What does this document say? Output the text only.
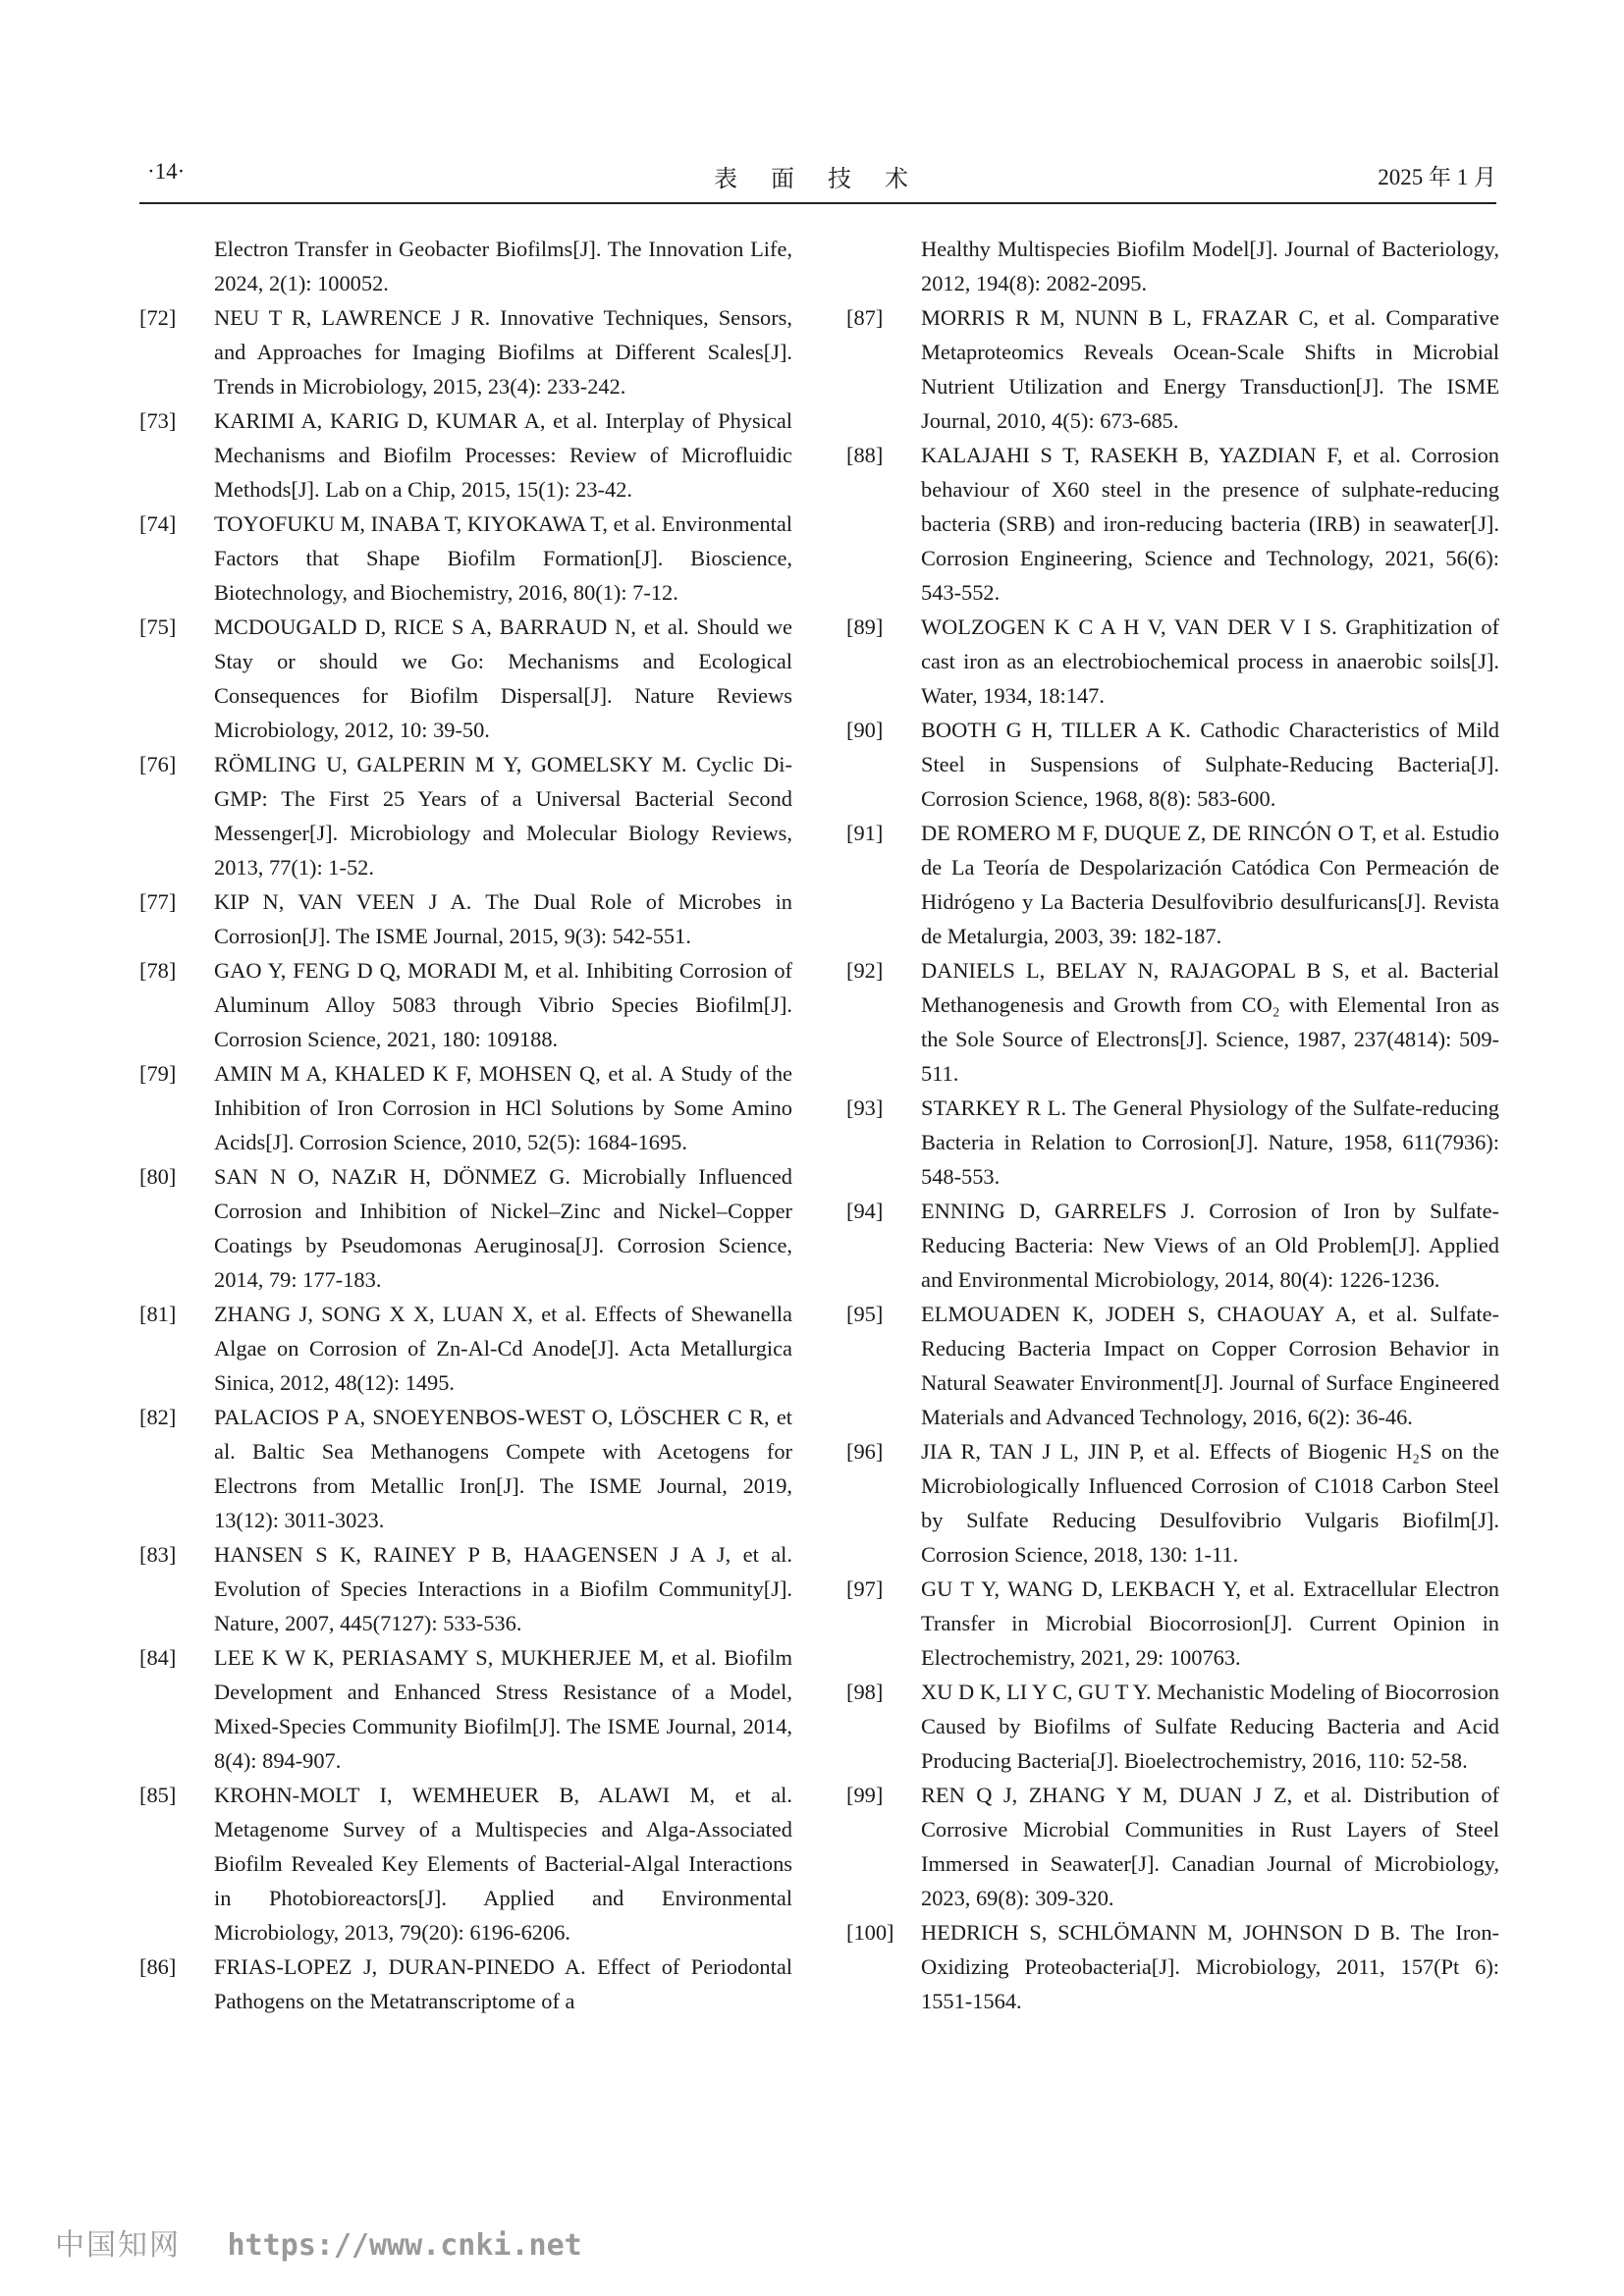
·14·	表 面 技 术	2025 年 1 月
Electron Transfer in Geobacter Biofilms[J]. The Innovation Life, 2024, 2(1): 100052.
[72]	NEU T R, LAWRENCE J R. Innovative Techniques, Sensors, and Approaches for Imaging Biofilms at Different Scales[J]. Trends in Microbiology, 2015, 23(4): 233-242.
[73]	KARIMI A, KARIG D, KUMAR A, et al. Interplay of Physical Mechanisms and Biofilm Processes: Review of Microfluidic Methods[J]. Lab on a Chip, 2015, 15(1): 23-42.
[74]	TOYOFUKU M, INABA T, KIYOKAWA T, et al. Environmental Factors that Shape Biofilm Formation[J]. Bioscience, Biotechnology, and Biochemistry, 2016, 80(1): 7-12.
[75]	MCDOUGALD D, RICE S A, BARRAUD N, et al. Should we Stay or should we Go: Mechanisms and Ecological Consequences for Biofilm Dispersal[J]. Nature Reviews Microbiology, 2012, 10: 39-50.
[76]	RÖMLING U, GALPERIN M Y, GOMELSKY M. Cyclic Di-GMP: The First 25 Years of a Universal Bacterial Second Messenger[J]. Microbiology and Molecular Biology Reviews, 2013, 77(1): 1-52.
[77]	KIP N, VAN VEEN J A. The Dual Role of Microbes in Corrosion[J]. The ISME Journal, 2015, 9(3): 542-551.
[78]	GAO Y, FENG D Q, MORADI M, et al. Inhibiting Corrosion of Aluminum Alloy 5083 through Vibrio Species Biofilm[J]. Corrosion Science, 2021, 180: 109188.
[79]	AMIN M A, KHALED K F, MOHSEN Q, et al. A Study of the Inhibition of Iron Corrosion in HCl Solutions by Some Amino Acids[J]. Corrosion Science, 2010, 52(5): 1684-1695.
[80]	SAN N O, NAZıR H, DÖNMEZ G. Microbially Influenced Corrosion and Inhibition of Nickel–Zinc and Nickel–Copper Coatings by Pseudomonas Aeruginosa[J]. Corrosion Science, 2014, 79: 177-183.
[81]	ZHANG J, SONG X X, LUAN X, et al. Effects of Shewanella Algae on Corrosion of Zn-Al-Cd Anode[J]. Acta Metallurgica Sinica, 2012, 48(12): 1495.
[82]	PALACIOS P A, SNOEYENBOS-WEST O, LÖSCHER C R, et al. Baltic Sea Methanogens Compete with Acetogens for Electrons from Metallic Iron[J]. The ISME Journal, 2019, 13(12): 3011-3023.
[83]	HANSEN S K, RAINEY P B, HAAGENSEN J A J, et al. Evolution of Species Interactions in a Biofilm Community[J]. Nature, 2007, 445(7127): 533-536.
[84]	LEE K W K, PERIASAMY S, MUKHERJEE M, et al. Biofilm Development and Enhanced Stress Resistance of a Model, Mixed-Species Community Biofilm[J]. The ISME Journal, 2014, 8(4): 894-907.
[85]	KROHN-MOLT I, WEMHEUER B, ALAWI M, et al. Metagenome Survey of a Multispecies and Alga-Associated Biofilm Revealed Key Elements of Bacterial-Algal Interactions in Photobioreactors[J]. Applied and Environmental Microbiology, 2013, 79(20): 6196-6206.
[86]	FRIAS-LOPEZ J, DURAN-PINEDO A. Effect of Periodontal Pathogens on the Metatranscriptome of a
Healthy Multispecies Biofilm Model[J]. Journal of Bacteriology, 2012, 194(8): 2082-2095.
[87]	MORRIS R M, NUNN B L, FRAZAR C, et al. Comparative Metaproteomics Reveals Ocean-Scale Shifts in Microbial Nutrient Utilization and Energy Transduction[J]. The ISME Journal, 2010, 4(5): 673-685.
[88]	KALAJAHI S T, RASEKH B, YAZDIAN F, et al. Corrosion behaviour of X60 steel in the presence of sulphate-reducing bacteria (SRB) and iron-reducing bacteria (IRB) in seawater[J]. Corrosion Engineering, Science and Technology, 2021, 56(6): 543-552.
[89]	WOLZOGEN K C A H V, VAN DER V I S. Graphitization of cast iron as an electrobiochemical process in anaerobic soils[J]. Water, 1934, 18:147.
[90]	BOOTH G H, TILLER A K. Cathodic Characteristics of Mild Steel in Suspensions of Sulphate-Reducing Bacteria[J]. Corrosion Science, 1968, 8(8): 583-600.
[91]	DE ROMERO M F, DUQUE Z, DE RINCÓN O T, et al. Estudio de La Teoría de Despolarización Catódica Con Permeación de Hidrógeno y La Bacteria Desulfovibrio desulfuricans[J]. Revista de Metalurgia, 2003, 39: 182-187.
[92]	DANIELS L, BELAY N, RAJAGOPAL B S, et al. Bacterial Methanogenesis and Growth from CO₂ with Elemental Iron as the Sole Source of Electrons[J]. Science, 1987, 237(4814): 509-511.
[93]	STARKEY R L. The General Physiology of the Sulfate-reducing Bacteria in Relation to Corrosion[J]. Nature, 1958, 611(7936): 548-553.
[94]	ENNING D, GARRELFS J. Corrosion of Iron by Sulfate-Reducing Bacteria: New Views of an Old Problem[J]. Applied and Environmental Microbiology, 2014, 80(4): 1226-1236.
[95]	ELMOUADEN K, JODEH S, CHAOUAY A, et al. Sulfate-Reducing Bacteria Impact on Copper Corrosion Behavior in Natural Seawater Environment[J]. Journal of Surface Engineered Materials and Advanced Technology, 2016, 6(2): 36-46.
[96]	JIA R, TAN J L, JIN P, et al. Effects of Biogenic H₂S on the Microbiologically Influenced Corrosion of C1018 Carbon Steel by Sulfate Reducing Desulfovibrio Vulgaris Biofilm[J]. Corrosion Science, 2018, 130: 1-11.
[97]	GU T Y, WANG D, LEKBACH Y, et al. Extracellular Electron Transfer in Microbial Biocorrosion[J]. Current Opinion in Electrochemistry, 2021, 29: 100763.
[98]	XU D K, LI Y C, GU T Y. Mechanistic Modeling of Biocorrosion Caused by Biofilms of Sulfate Reducing Bacteria and Acid Producing Bacteria[J]. Bioelectrochemistry, 2016, 110: 52-58.
[99]	REN Q J, ZHANG Y M, DUAN J Z, et al. Distribution of Corrosive Microbial Communities in Rust Layers of Steel Immersed in Seawater[J]. Canadian Journal of Microbiology, 2023, 69(8): 309-320.
[100]	HEDRICH S, SCHLÖMANN M, JOHNSON D B. The Iron-Oxidizing Proteobacteria[J]. Microbiology, 2011, 157(Pt 6): 1551-1564.
中国知网 https://www.cnki.net
